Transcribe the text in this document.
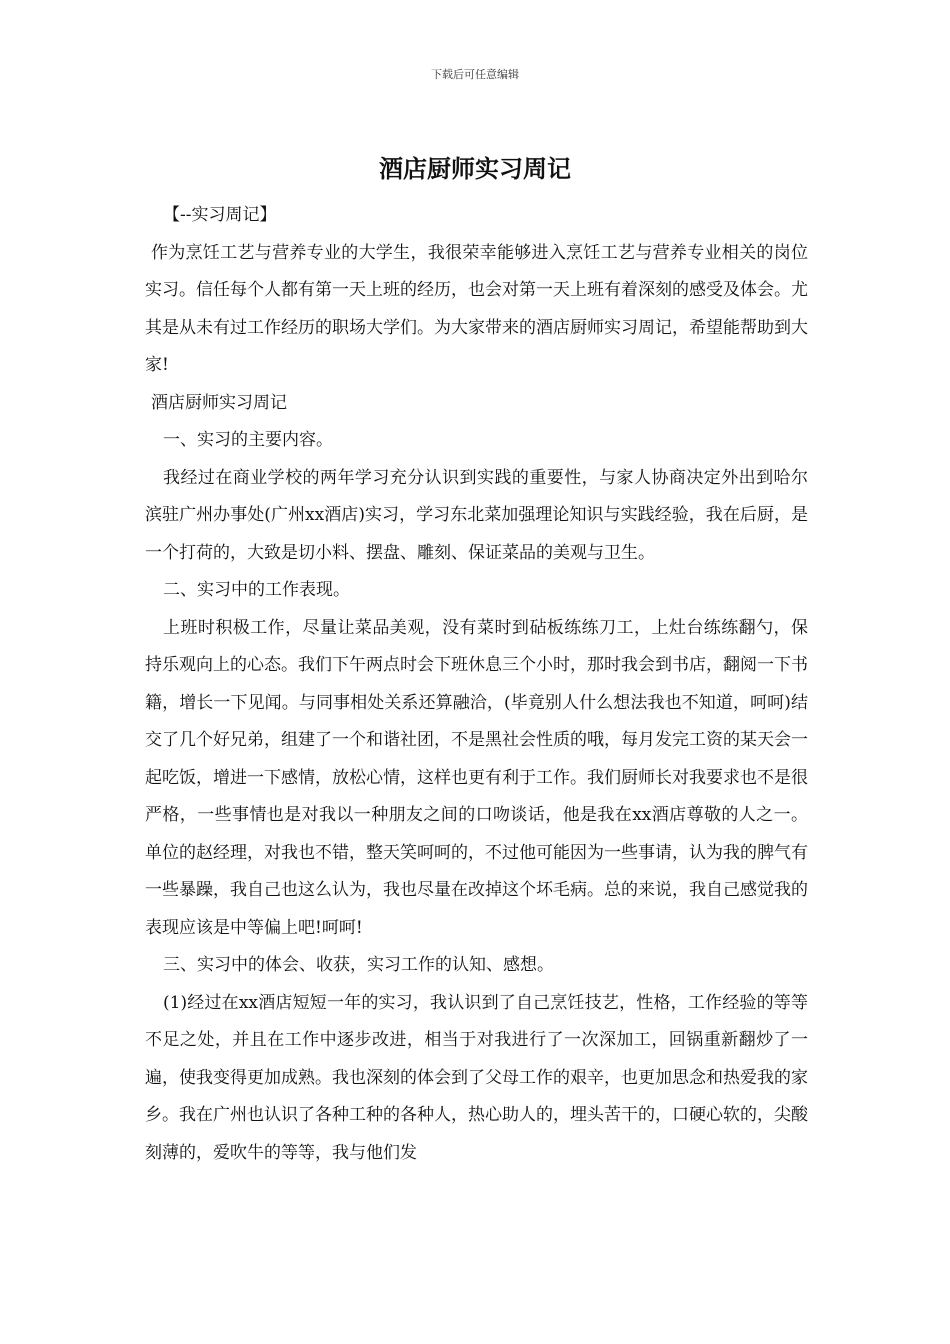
下载后可任意编辑
酒店厨师实习周记

【--实习周记】

作为烹饪工艺与营养专业的大学生，我很荣幸能够进入烹饪工艺与营养专业相关的岗位实习。信任每个人都有第一天上班的经历，也会对第一天上班有着深刻的感受及体会。尤其是从未有过工作经历的职场大学们。为大家带来的酒店厨师实习周记，希望能帮助到大家!

酒店厨师实习周记

一、实习的主要内容。

我经过在商业学校的两年学习充分认识到实践的重要性，与家人协商决定外出到哈尔滨驻广州办事处(广州xx酒店)实习，学习东北菜加强理论知识与实践经验，我在后厨，是一个打荷的，大致是切小料、摆盘、雕刻、保证菜品的美观与卫生。

二、实习中的工作表现。

上班时积极工作，尽量让菜品美观，没有菜时到砧板练练刀工，上灶台练练翻勺，保持乐观向上的心态。我们下午两点时会下班休息三个小时，那时我会到书店，翻阅一下书籍，增长一下见闻。与同事相处关系还算融洽，(毕竟别人什么想法我也不知道，呵呵)结交了几个好兄弟，组建了一个和谐社团，不是黑社会性质的哦，每月发完工资的某天会一起吃饭，增进一下感情，放松心情，这样也更有利于工作。我们厨师长对我要求也不是很严格，一些事情也是对我以一种朋友之间的口吻谈话，他是我在xx酒店尊敬的人之一。单位的赵经理，对我也不错，整天笑呵呵的，不过他可能因为一些事请，认为我的脾气有一些暴躁，我自己也这么认为，我也尽量在改掉这个坏毛病。总的来说，我自己感觉我的表现应该是中等偏上吧!呵呵!

三、实习中的体会、收获，实习工作的认知、感想。

(1)经过在xx酒店短短一年的实习，我认识到了自己烹饪技艺，性格，工作经验的等等不足之处，并且在工作中逐步改进，相当于对我进行了一次深加工，回锅重新翻炒了一遍，使我变得更加成熟。我也深刻的体会到了父母工作的艰辛，也更加思念和热爱我的家乡。我在广州也认识了各种工种的各种人，热心助人的，埋头苦干的，口硬心软的，尖酸刻薄的，爱吹牛的等等，我与他们发
